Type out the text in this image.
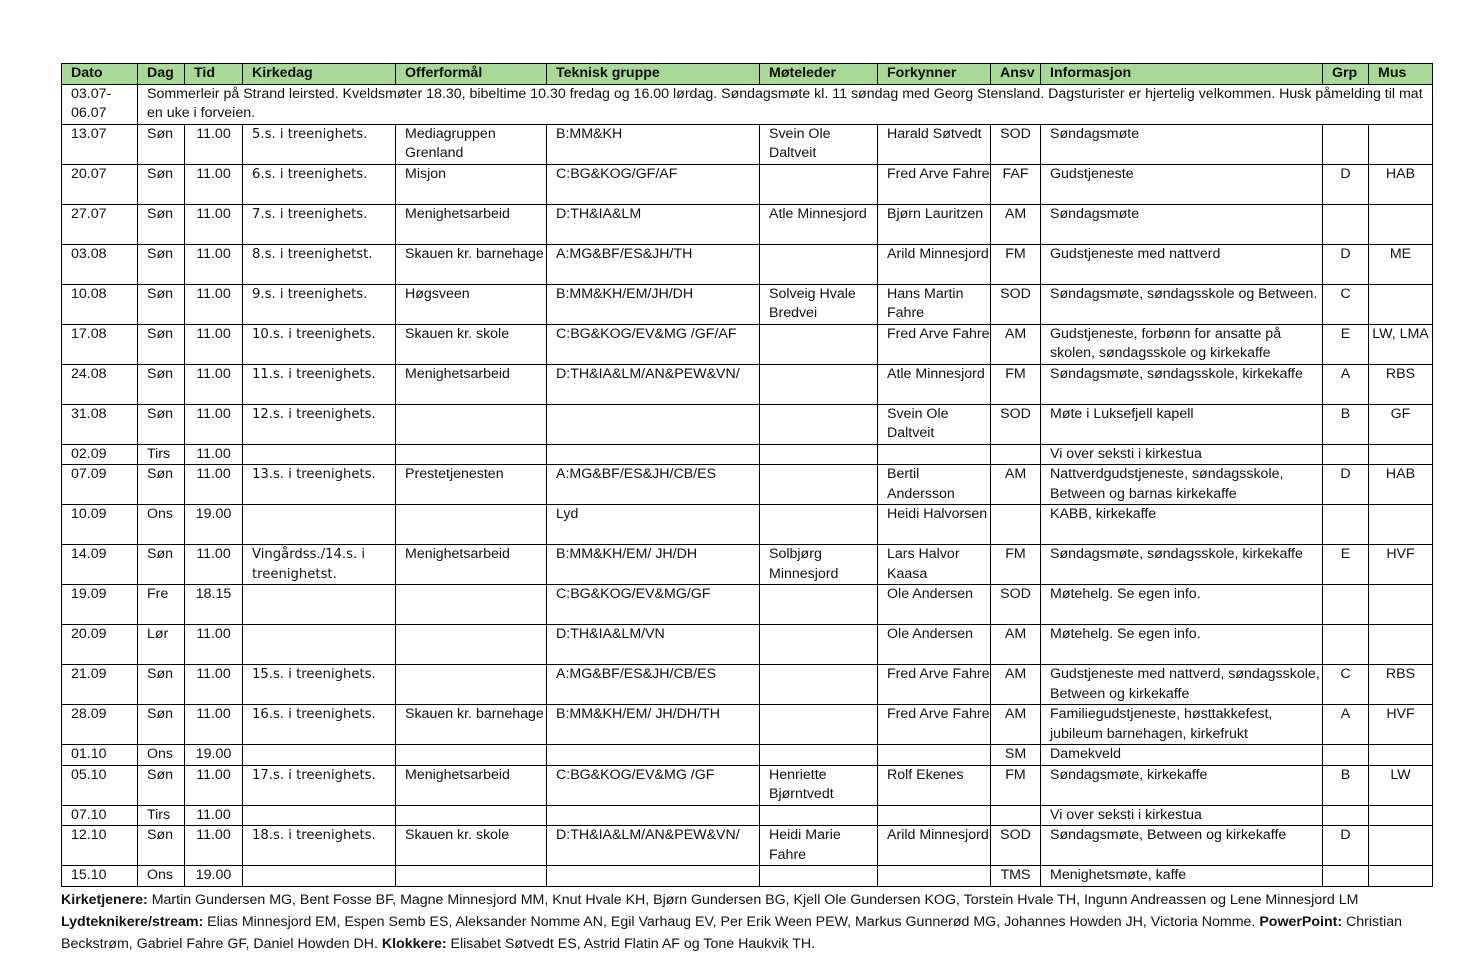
Dato	Dag	Tid	Kirkedag	Offerformål	Teknisk gruppe	Møteleder	Forkynner	Ansv	Informasjon	Grp	Mus
03.07-
06.07	Sommerleir på Strand leirsted. Kveldsmøter 18.30, bibeltime 10.30 fredag og 16.00 lørdag. Søndagsmøte kl. 11 søndag med Georg Stensland. Dagsturister er hjertelig velkommen. Husk påmelding til mat en uke i forveien.										
13.07	Søn	11.00	5.s. i treenighets.	Mediagruppen Grenland	B:MM&KH	Svein Ole Daltveit	Harald Søtvedt	SOD	Søndagsmøte		
20.07	Søn	11.00	6.s. i treenighets.	Misjon	C:BG&KOG/GF/AF		Fred Arve Fahre	FAF	Gudstjeneste	D	HAB
27.07	Søn	11.00	7.s. i treenighets.	Menighetsarbeid	D:TH&IA&LM	Atle Minnesjord	Bjørn Lauritzen	AM	Søndagsmøte		
03.08	Søn	11.00	8.s. i treenighetst.	Skauen kr. barnehage	A:MG&BF/ES&JH/TH		Arild Minnesjord	FM	Gudstjeneste med nattverd	D	ME
10.08	Søn	11.00	9.s. i treenighets.	Høgsveen	B:MM&KH/EM/JH/DH	Solveig Hvale Bredvei	Hans Martin Fahre	SOD	Søndagsmøte, søndagsskole og Between.	C	
17.08	Søn	11.00	10.s. i treenighets.	Skauen kr. skole	C:BG&KOG/EV&MG /GF/AF		Fred Arve Fahre	AM	Gudstjeneste, forbønn for ansatte på skolen, søndagsskole og kirkekaffe	E	LW, LMA
24.08	Søn	11.00	11.s. i treenighets.	Menighetsarbeid	D:TH&IA&LM/AN&PEW&VN/		Atle Minnesjord	FM	Søndagsmøte, søndagsskole, kirkekaffe	A	RBS
31.08	Søn	11.00	12.s. i treenighets.				Svein Ole Daltveit	SOD	Møte i Luksefjell kapell	B	GF
02.09	Tirs	11.00							Vi over seksti i kirkestua		
07.09	Søn	11.00	13.s. i treenighets.	Prestetjenesten	A:MG&BF/ES&JH/CB/ES		Bertil Andersson	AM	Nattverdgudstjeneste, søndagsskole, Between og barnas kirkekaffe	D	HAB
10.09	Ons	19.00			Lyd		Heidi Halvorsen		KABB, kirkekaffe		
14.09	Søn	11.00	Vingårdss./14.s. i treenighetst.	Menighetsarbeid	B:MM&KH/EM/ JH/DH	Solbjørg Minnesjord	Lars Halvor Kaasa	FM	Søndagsmøte, søndagsskole, kirkekaffe	E	HVF
19.09	Fre	18.15			C:BG&KOG/EV&MG/GF		Ole Andersen	SOD	Møtehelg. Se egen info.		
20.09	Lør	11.00			D:TH&IA&LM/VN		Ole Andersen	AM	Møtehelg. Se egen info.		
21.09	Søn	11.00	15.s. i treenighets.		A:MG&BF/ES&JH/CB/ES		Fred Arve Fahre	AM	Gudstjeneste med nattverd, søndagsskole, Between og kirkekaffe	C	RBS
28.09	Søn	11.00	16.s. i treenighets.	Skauen kr. barnehage	B:MM&KH/EM/ JH/DH/TH		Fred Arve Fahre	AM	Familiegudstjeneste, høsttakkefest, jubileum barnehagen, kirkefrukt	A	HVF
01.10	Ons	19.00						SM	Damekveld		
05.10	Søn	11.00	17.s. i treenighets.	Menighetsarbeid	C:BG&KOG/EV&MG /GF	Henriette Bjørntvedt	Rolf Ekenes	FM	Søndagsmøte, kirkekaffe	B	LW
07.10	Tirs	11.00							Vi over seksti i kirkestua		
12.10	Søn	11.00	18.s. i treenighets.	Skauen kr. skole	D:TH&IA&LM/AN&PEW&VN/	Heidi Marie Fahre	Arild Minnesjord	SOD	Søndagsmøte, Between og kirkekaffe	D	
15.10	Ons	19.00						TMS	Menighetsmøte, kaffe		
Kirketjenere: Martin Gundersen MG, Bent Fosse BF, Magne Minnesjord MM, Knut Hvale KH, Bjørn Gundersen BG, Kjell Ole Gundersen KOG, Torstein Hvale TH, Ingunn Andreassen og Lene Minnesjord LM
Lydteknikere/stream: Elias Minnesjord EM, Espen Semb ES, Aleksander Nomme AN, Egil Varhaug EV, Per Erik Ween PEW, Markus Gunnerød MG, Johannes Howden JH, Victoria Nomme. PowerPoint: Christian Beckstrøm, Gabriel Fahre GF, Daniel Howden DH. Klokkere: Elisabet Søtvedt ES, Astrid Flatin AF og Tone Haukvik TH.
